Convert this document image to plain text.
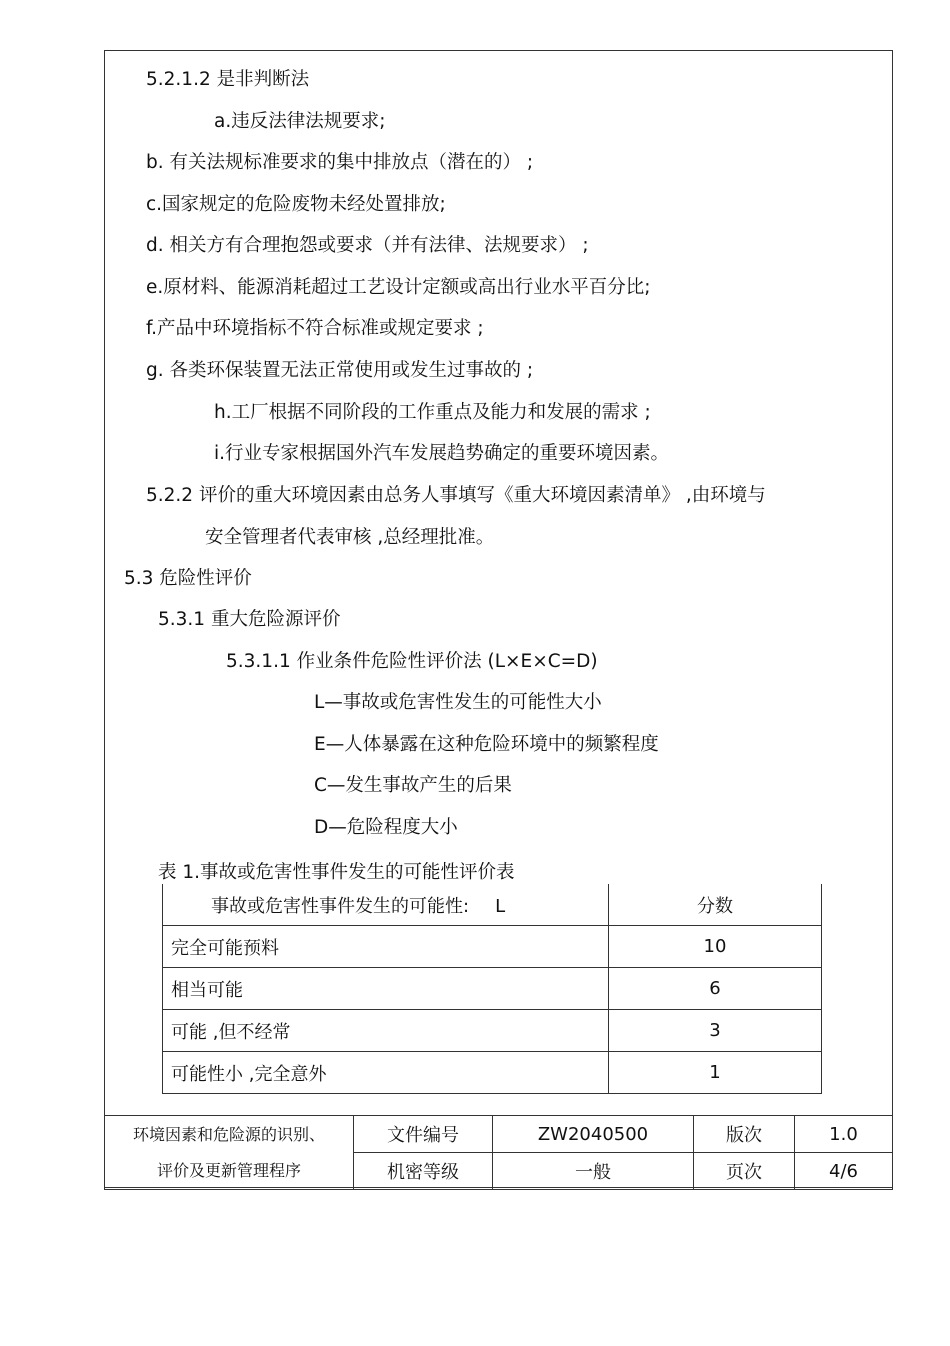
5.2.1.2 是非判断法
a.违反法律法规要求;
b. 有关法规标准要求的集中排放点（潜在的） ;
c.国家规定的危险废物未经处置排放;
d. 相关方有合理抱怨或要求（并有法律、法规要求） ;
e.原材料、能源消耗超过工艺设计定额或高出行业水平百分比;
f.产品中环境指标不符合标准或规定要求 ;
g. 各类环保装置无法正常使用或发生过事故的 ;
h.工厂根据不同阶段的工作重点及能力和发展的需求 ;
i.行业专家根据国外汽车发展趋势确定的重要环境因素。
5.2.2 评价的重大环境因素由总务人事填写《重大环境因素清单》 ,由环境与
安全管理者代表审核 ,总经理批准。
5.3 危险性评价
5.3.1 重大危险源评价
5.3.1.1 作业条件危险性评价法 (L×E×C=D)
L—事故或危害性发生的可能性大小
E—人体暴露在这种危险环境中的频繁程度
C—发生事故产生的后果
D—危险程度大小
表 1.事故或危害性事件发生的可能性评价表
事故或危害性事件发生的可能性: L	分数
完全可能预料	10
相当可能	6
可能 ,但不经常	3
可能性小 ,完全意外	1
环境因素和危险源的识别、
评价及更新管理程序	文件编号	ZW2040500	版次	1.0
	机密等级	一般	页次	4/6
